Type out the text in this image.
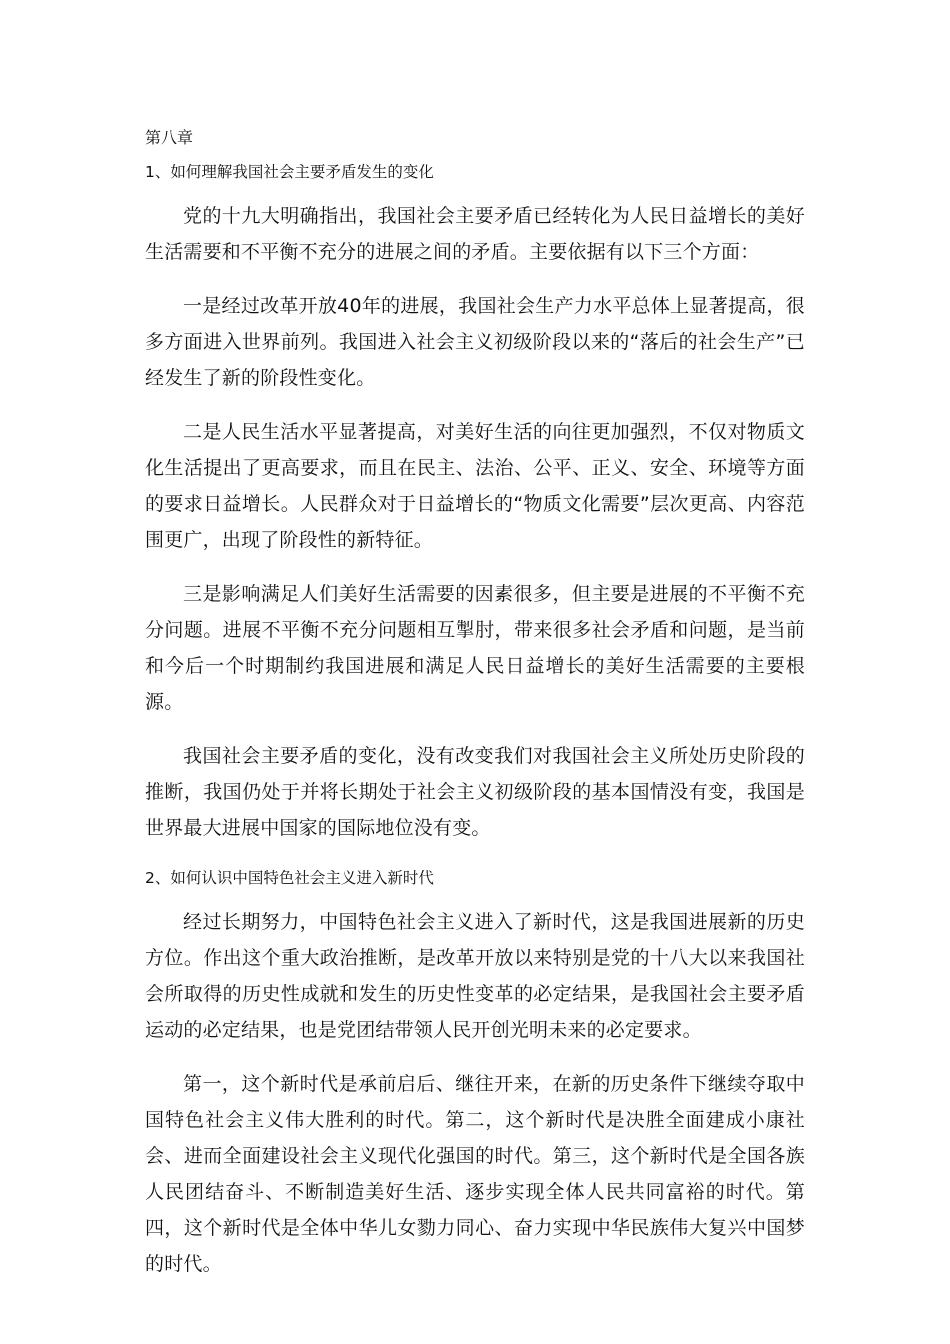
第八章
1、如何理解我国社会主要矛盾发生的变化

党的十九大明确指出，我国社会主要矛盾已经转化为人民日益增长的美好生活需要和不平衡不充分的进展之间的矛盾。主要依据有以下三个方面：

一是经过改革开放40年的进展，我国社会生产力水平总体上显著提高，很多方面进入世界前列。我国进入社会主义初级阶段以来的“落后的社会生产”已经发生了新的阶段性变化。

二是人民生活水平显著提高，对美好生活的向往更加强烈，不仅对物质文化生活提出了更高要求，而且在民主、法治、公平、正义、安全、环境等方面的要求日益增长。人民群众对于日益增长的“物质文化需要”层次更高、内容范围更广，出现了阶段性的新特征。

三是影响满足人们美好生活需要的因素很多，但主要是进展的不平衡不充分问题。进展不平衡不充分问题相互掣肘，带来很多社会矛盾和问题，是当前和今后一个时期制约我国进展和满足人民日益增长的美好生活需要的主要根源。

我国社会主要矛盾的变化，没有改变我们对我国社会主义所处历史阶段的推断，我国仍处于并将长期处于社会主义初级阶段的基本国情没有变，我国是世界最大进展中国家的国际地位没有变。

2、如何认识中国特色社会主义进入新时代

经过长期努力，中国特色社会主义进入了新时代，这是我国进展新的历史方位。作出这个重大政治推断，是改革开放以来特别是党的十八大以来我国社会所取得的历史性成就和发生的历史性变革的必定结果，是我国社会主要矛盾运动的必定结果，也是党团结带领人民开创光明未来的必定要求。

第一，这个新时代是承前启后、继往开来，在新的历史条件下继续夺取中国特色社会主义伟大胜利的时代。第二，这个新时代是决胜全面建成小康社会、进而全面建设社会主义现代化强国的时代。第三，这个新时代是全国各族人民团结奋斗、不断制造美好生活、逐步实现全体人民共同富裕的时代。第四，这个新时代是全体中华儿女勠力同心、奋力实现中华民族伟大复兴中国梦的时代。
